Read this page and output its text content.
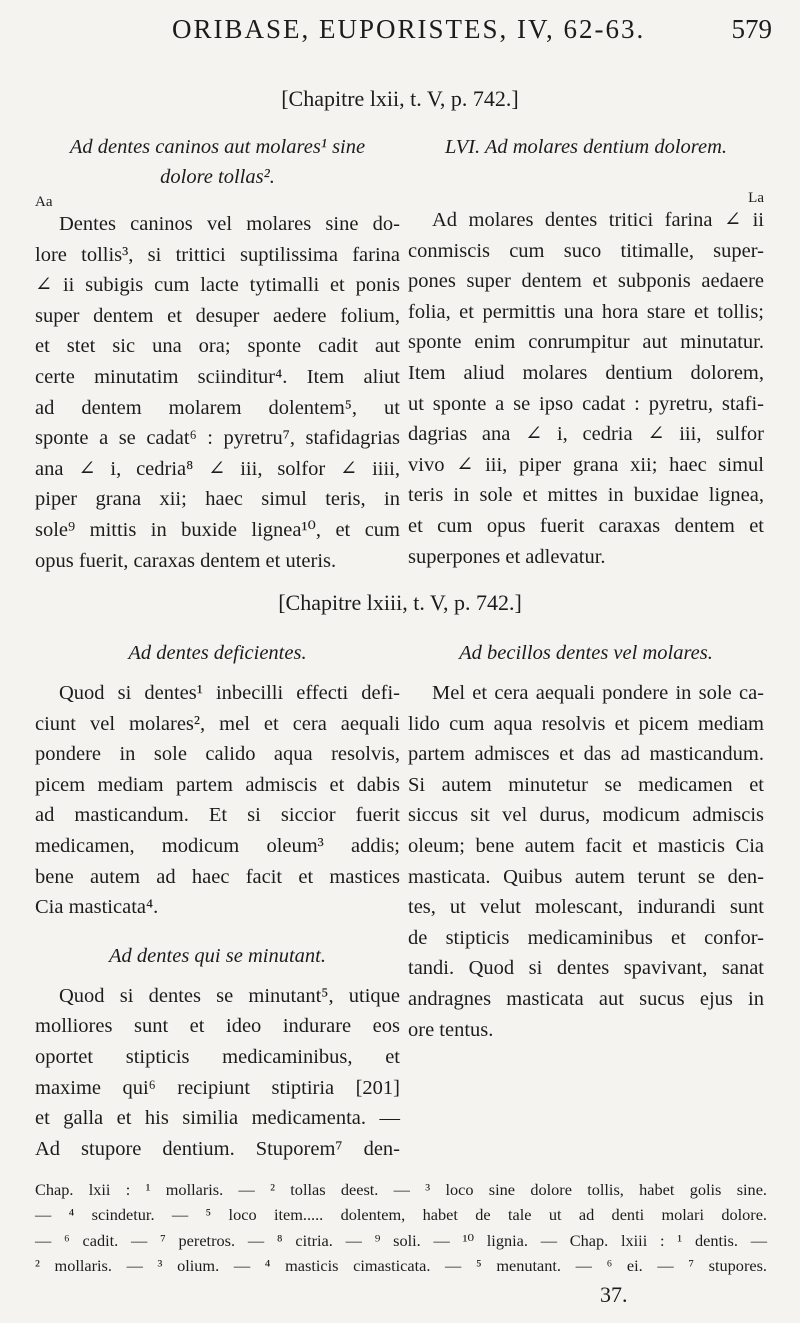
ORIBASE, EUPORISTES, IV, 62-63.	579
[Chapitre lxii, t. V, p. 742.]

Ad dentes caninos aut molares¹ sine

dolore tollas².

Aa

Dentes caninos vel molares sine do-
lore tollis³, si trittici suptilissima farina
∠ ii subigis cum lacte tytimalli et ponis
super dentem et desuper aedere folium,
et stet sic una ora; sponte cadit aut
certe minutatim sciinditur⁴. Item aliut
ad dentem molarem dolentem⁵, ut
sponte a se cadat⁶ : pyretru⁷, stafidagrias
ana ∠ i, cedria⁸ ∠ iii, solfor ∠ iiii,
piper grana xii; haec simul teris, in
sole⁹ mittis in buxide lignea¹⁰, et cum
opus fuerit, caraxas dentem et uteris.

LVI. Ad molares dentium dolorem.

La

Ad molares dentes tritici farina ∠ ii
conmiscis cum suco titimalle, super-
pones super dentem et subponis aedaere
folia, et permittis una hora stare et tollis;
sponte enim conrumpitur aut minutatur.
Item aliud molares dentium dolorem,
ut sponte a se ipso cadat : pyretru, stafi-
dagrias ana ∠ i, cedria ∠ iii, sulfor
vivo ∠ iii, piper grana xii; haec simul
teris in sole et mittes in buxidae lignea,
et cum opus fuerit caraxas dentem et
superpones et adlevatur.

[Chapitre lxiii, t. V, p. 742.]

Ad dentes deficientes.

Quod si dentes¹ inbecilli effecti defi-
ciunt vel molares², mel et cera aequali
pondere in sole calido aqua resolvis,
picem mediam partem admiscis et dabis
ad masticandum. Et si siccior fuerit
medicamen, modicum oleum³ addis;
bene autem ad haec facit et mastices
Cia masticata⁴.

Ad dentes qui se minutant.

Quod si dentes se minutant⁵, utique
molliores sunt et ideo indurare eos
oportet stipticis medicaminibus, et
maxime qui⁶ recipiunt stiptiria [201]
et galla et his similia medicamenta. —
Ad stupore dentium. Stuporem⁷ den-

Ad becillos dentes vel molares.

Mel et cera aequali pondere in sole ca-
lido cum aqua resolvis et picem mediam
partem admisces et das ad masticandum.
Si autem minutetur se medicamen et
siccus sit vel durus, modicum admiscis
oleum; bene autem facit et masticis Cia
masticata. Quibus autem terunt se den-
tes, ut velut molescant, indurandi sunt
de stipticis medicaminibus et confor-
tandi. Quod si dentes spavivant, sanat
andragnes masticata aut sucus ejus in
ore tentus.

Chap. lxii : ¹ mollaris. — ² tollas deest. — ³ loco sine dolore tollis, habet golis sine.
— ⁴ scindetur. — ⁵ loco item..... dolentem, habet de tale ut ad denti molari dolore.
— ⁶ cadit. — ⁷ peretros. — ⁸ citria. — ⁹ soli. — ¹⁰ lignia. — Chap. lxiii : ¹ dentis. —
² mollaris. — ³ olium. — ⁴ masticis cimasticata. — ⁵ menutant. — ⁶ ei. — ⁷ stupores.
37.
